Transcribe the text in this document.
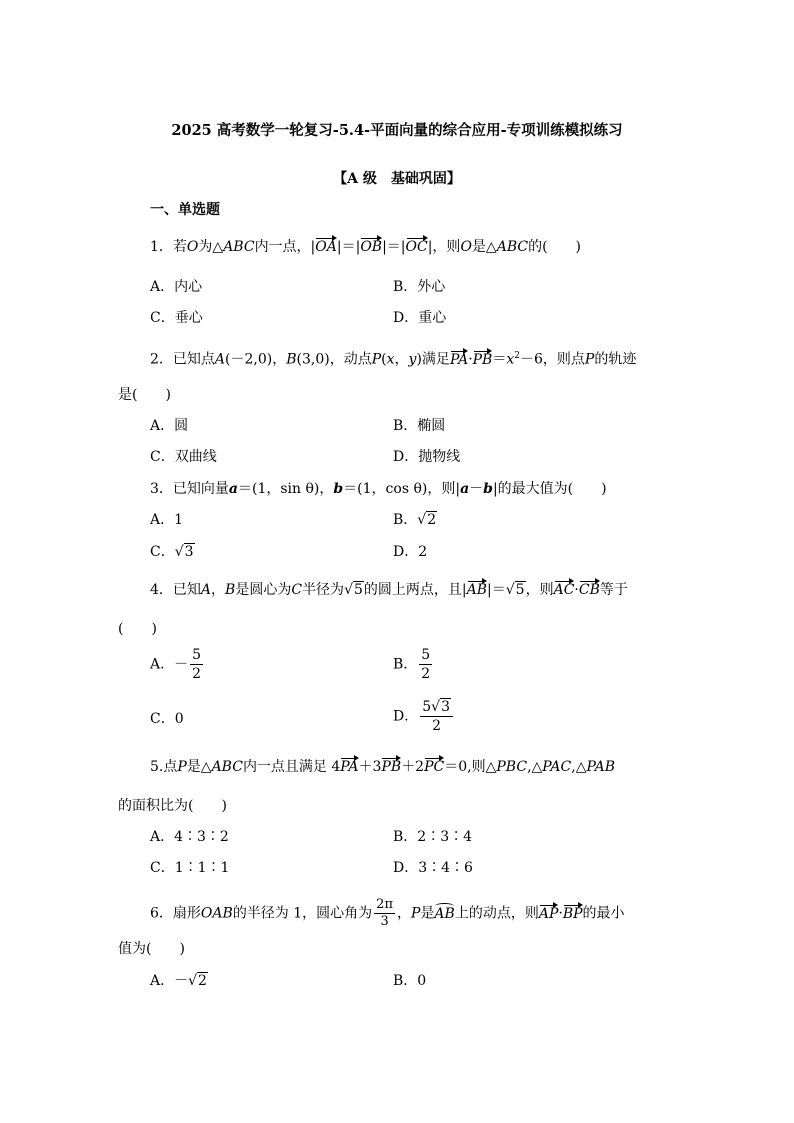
2025 高考数学一轮复习-5.4-平面向量的综合应用-专项训练模拟练习
【A 级　基础巩固】
一、单选题
1．若O为△ABC内一点，|OA|＝|OB|＝|OC|，则O是△ABC的(　　)
A．内心	B．外心
C．垂心	D．重心
2．已知点A(－2,0)，B(3,0)，动点P(x，y)满足$PA\cdot PB=x^2-6$，则点P的轨迹
是(　　)
A．圆	B．椭圆
C．双曲线	D．抛物线
3．已知向量a＝(1，sin θ)，b＝(1，cos θ)，则|a－b|的最大值为(　　)
A．1	B．√2
C．√3	D．2
4．已知A，B是圆心为C半径为√5的圆上两点，且|AB|＝√5，则AC·CB等于
(　　)
A．－ $\frac{5}{2}$	B． $\frac{5}{2}$
C．0	D． $\frac{5√3}{2}$
5.点P是△ABC内一点且满足 4PA＋3PB＋2PC＝0,则△PBC,△PAC,△PAB
的面积比为(　　)
A．4∶3∶2	B．2∶3∶4
C．1∶1∶1	D．3∶4∶6
6．扇形OAB的半径为 1，圆心角为 $\frac{2\pi}{3}$ ，P是AB上的动点，则AP·BP的最小
值为(　　)
A．－√2	B．0
